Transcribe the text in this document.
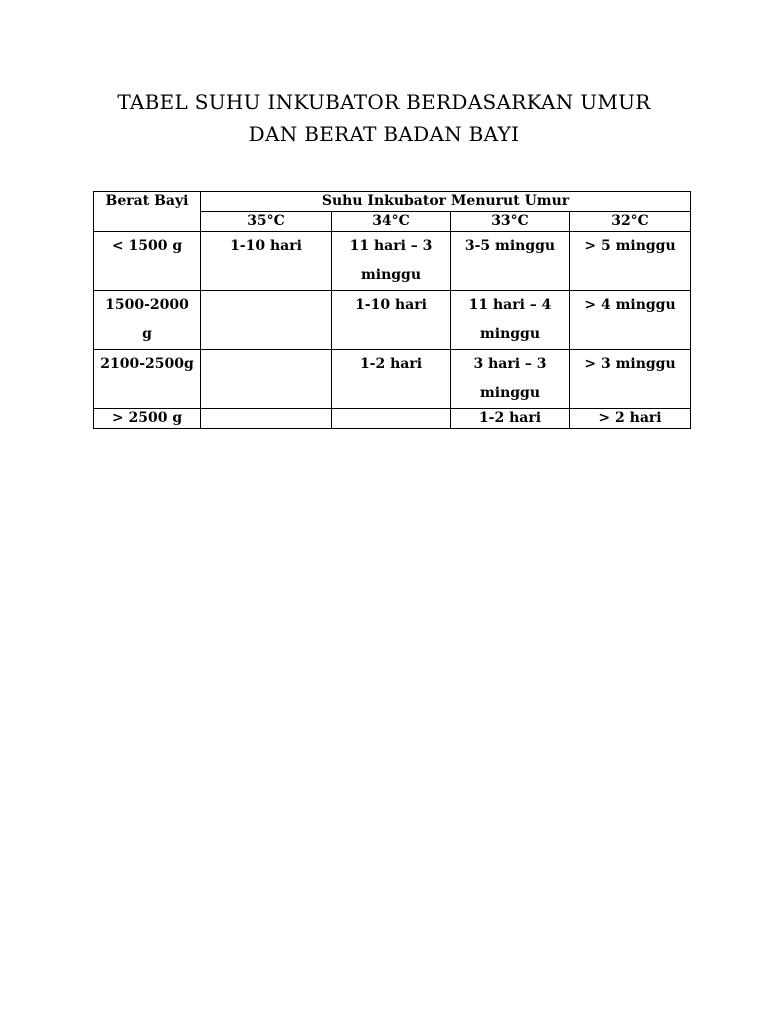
TABEL SUHU INKUBATOR BERDASARKAN UMUR
DAN BERAT BADAN BAYI
Berat Bayi	Suhu Inkubator Menurut Umur			
	35°C	34°C	33°C	32°C
< 1500 g	1-10 hari	11 hari – 3 minggu	3-5 minggu	> 5 minggu
1500-2000 g		1-10 hari	11 hari – 4 minggu	> 4 minggu
2100-2500g		1-2 hari	3 hari – 3 minggu	> 3 minggu
> 2500 g			1-2 hari	> 2 hari
